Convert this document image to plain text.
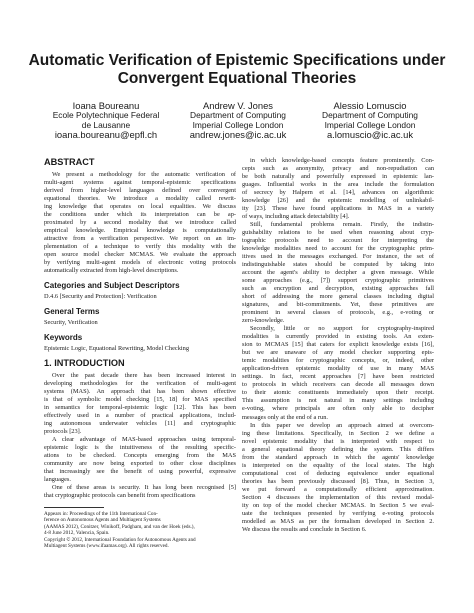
Automatic Verification of Epistemic Specifications under
Convergent Equational Theories
Ioana Boureanu
Ecole Polytechnique Federal
de Lausanne
ioana.boureanu@epfl.ch
Andrew V. Jones
Department of Computing
Imperial College London
andrew.jones@ic.ac.uk
Alessio Lomuscio
Department of Computing
Imperial College London
a.lomuscio@ic.ac.uk
ABSTRACT
We present a methodology for the automatic verification of
multi-agent systems against temporal-epistemic specifications
derived from higher-level languages defined over convergent
equational theories. We introduce a modality called rewrit-
ing knowledge that operates on local equalities. We discuss
the conditions under which its interpretation can be ap-
proximated by a second modality that we introduce called
empirical knowledge. Empirical knowledge is computationally
attractive from a verification perspective. We report on an im-
plementation of a technique to verify this modality with the
open source model checker MCMAS. We evaluate the approach
by verifying multi-agent models of electronic voting protocols
automatically extracted from high-level descriptions.
Categories and Subject Descriptors
D.4.6 [Security and Protection]: Verification
General Terms
Security, Verification
Keywords
Epistemic Logic, Equational Rewriting, Model Checking
1. INTRODUCTION
Over the past decade there has been increased interest in
developing methodologies for the verification of multi-agent
systems (MAS). An approach that has been shown effective
is that of symbolic model checking [15, 18] for MAS specified
in semantics for temporal-epistemic logic [12]. This has been
effectively used in a number of practical applications, includ-
ing autonomous underwater vehicles [11] and cryptographic
protocols [23].
A clear advantage of MAS-based approaches using temporal-
epistemic logic is the intuitiveness of the resulting specific-
ations to be checked. Concepts emerging from the MAS
community are now being exported to other close disciplines
that increasingly see the benefit of using powerful, expressive
languages.
One of these areas is security. It has long been recognised [5]
that cryptographic protocols can benefit from specifications
Appears in: Proceedings of the 11th International Con-
ference on Autonomous Agents and Multiagent Systems
(AAMAS 2012), Conitzer, Winikoff, Padgham, and van der Hoek (eds.),
4-8 June 2012, Valencia, Spain.
Copyright © 2012, International Foundation for Autonomous Agents and
Multiagent Systems (www.ifaamas.org). All rights reserved.
in which knowledge-based concepts feature prominently. Con-
cepts such as anonymity, privacy and non-repudiation can
be both naturally and powerfully expressed in epistemic lan-
guages. Influential works in the area include the formulation
of secrecy by Halpern et al. [14], advances on algorithmic
knowledge [26] and the epistemic modelling of unlinkabil-
ity [23]. These have found applications in MAS in a variety
of ways, including attack detectability [4].
Still, fundamental problems remain. Firstly, the indistin-
guishability relations to be used when reasoning about cryp-
tographic protocols need to account for interpreting the
knowledge modalities need to account for the cryptographic prim-
itives used in the messages exchanged. For instance, the set of
indistinguishable states should be computed by taking into
account the agent's ability to decipher a given message. While
some approaches (e.g., [7]) support cryptographic primitives
such as encryption and decryption, existing approaches fall
short of addressing the more general classes including digital
signatures, and bit-commitments. Yet, these primitives are
prominent in several classes of protocols, e.g., e-voting or
zero-knowledge.
Secondly, little or no support for cryptography-inspired
modalities is currently provided in existing tools. An exten-
sion to MCMAS [15] that caters for explicit knowledge exists [16],
but we are unaware of any model checker supporting epis-
temic modalities for cryptographic concepts, or, indeed, other
application-driven epistemic modality of use in many MAS
settings. In fact, recent approaches [7] have been restricted
to protocols in which receivers can decode all messages down
to their atomic constituents immediately upon their receipt.
This assumption is not natural in many settings including
e-voting, where principals are often only able to decipher
messages only at the end of a run.
In this paper we develop an approach aimed at overcom-
ing these limitations. Specifically, in Section 2 we define a
novel epistemic modality that is interpreted with respect to
a general equational theory defining the system. This differs
from the standard approach in which the agents' knowledge
is interpreted on the equality of the local states. The high
computational cost of deducing equivalence under equational
theories has been previously discussed [8]. Thus, in Section 3,
we put forward a computationally efficient approximation.
Section 4 discusses the implementation of this revised modal-
ity on top of the model checker MCMAS. In Section 5 we eval-
uate the techniques presented by verifying e-voting protocols
modelled as MAS as per the formalism developed in Section 2.
We discuss the results and conclude in Section 6.
